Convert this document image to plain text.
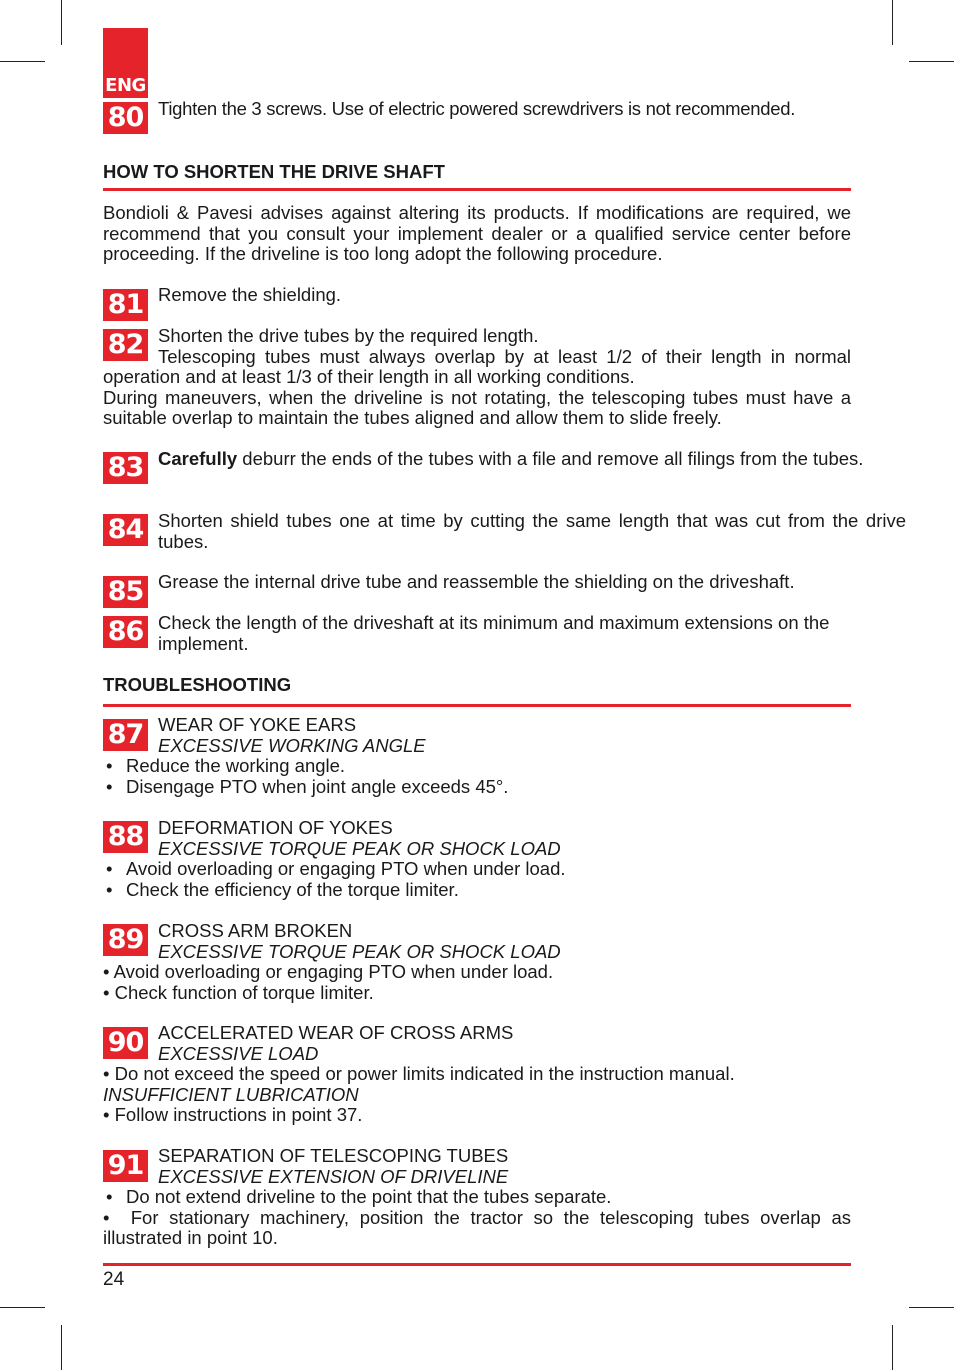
ENG
80 Tighten the 3 screws. Use of electric powered screwdrivers is not recommended.
HOW TO SHORTEN THE DRIVE SHAFT
Bondioli & Pavesi advises against altering its products. If modifications are required, we recommend that you consult your implement dealer or a qualified service center before proceeding. If the driveline is too long adopt the following procedure.
81 Remove the shielding.
82 Shorten the drive tubes by the required length.
Telescoping tubes must always overlap by at least 1/2 of their length in normal operation and at least 1/3 of their length in all working conditions.
During maneuvers, when the driveline is not rotating, the telescoping tubes must have a suitable overlap to maintain the tubes aligned and allow them to slide freely.
83 Carefully deburr the ends of the tubes with a file and remove all filings from the tubes.
84 Shorten shield tubes one at time by cutting the same length that was cut from the drive tubes.
85 Grease the internal drive tube and reassemble the shielding on the driveshaft.
86 Check the length of the driveshaft at its minimum and maximum extensions on the implement.
TROUBLESHOOTING
87 WEAR OF YOKE EARS
EXCESSIVE WORKING ANGLE
• Reduce the working angle.
• Disengage PTO when joint angle exceeds 45°.
88 DEFORMATION OF YOKES
EXCESSIVE TORQUE PEAK OR SHOCK LOAD
• Avoid overloading or engaging PTO when under load.
• Check the efficiency of the torque limiter.
89 CROSS ARM BROKEN
EXCESSIVE TORQUE PEAK OR SHOCK LOAD
• Avoid overloading or engaging PTO when under load.
• Check function of torque limiter.
90 ACCELERATED WEAR OF CROSS ARMS
EXCESSIVE LOAD
• Do not exceed the speed or power limits indicated in the instruction manual.
INSUFFICIENT LUBRICATION
• Follow instructions in point 37.
91 SEPARATION OF TELESCOPING TUBES
EXCESSIVE EXTENSION OF DRIVELINE
• Do not extend driveline to the point that the tubes separate.
•  For stationary machinery, position the tractor so the telescoping tubes overlap as illustrated in point 10.
24
